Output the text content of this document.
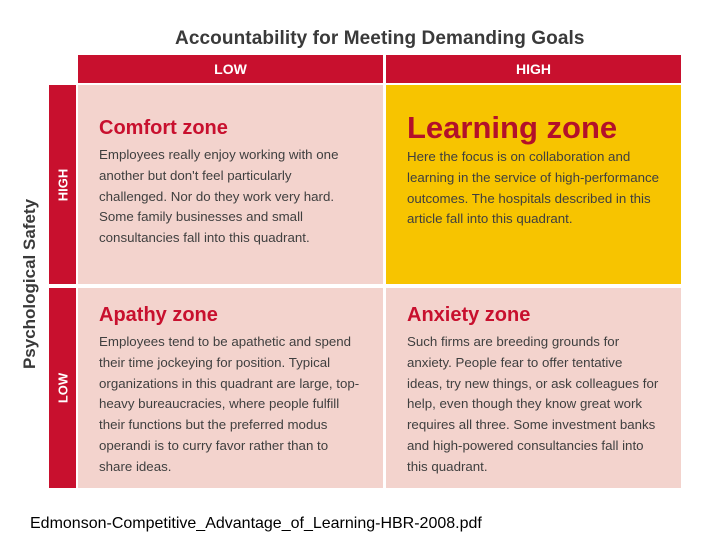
Accountability for Meeting Demanding Goals
LOW	HIGH
Psychological Safety
HIGH
LOW
Comfort zone

Employees really enjoy working with one another but don't feel particularly challenged. Nor do they work very hard. Some family businesses and small consultancies fall into this quadrant.

Learning zone

Here the focus is on collaboration and learning in the service of high-performance outcomes. The hospitals described in this article fall into this quadrant.

Apathy zone

Employees tend to be apathetic and spend their time jockeying for position. Typical organizations in this quadrant are large, top-heavy bureaucracies, where people fulfill their functions but the preferred modus operandi is to curry favor rather than to share ideas.

Anxiety zone

Such firms are breeding grounds for anxiety. People fear to offer tentative ideas, try new things, or ask colleagues for help, even though they know great work requires all three. Some investment banks and high-powered consultancies fall into this quadrant.

Edmonson-Competitive_Advantage_of_Learning-HBR-2008.pdf
